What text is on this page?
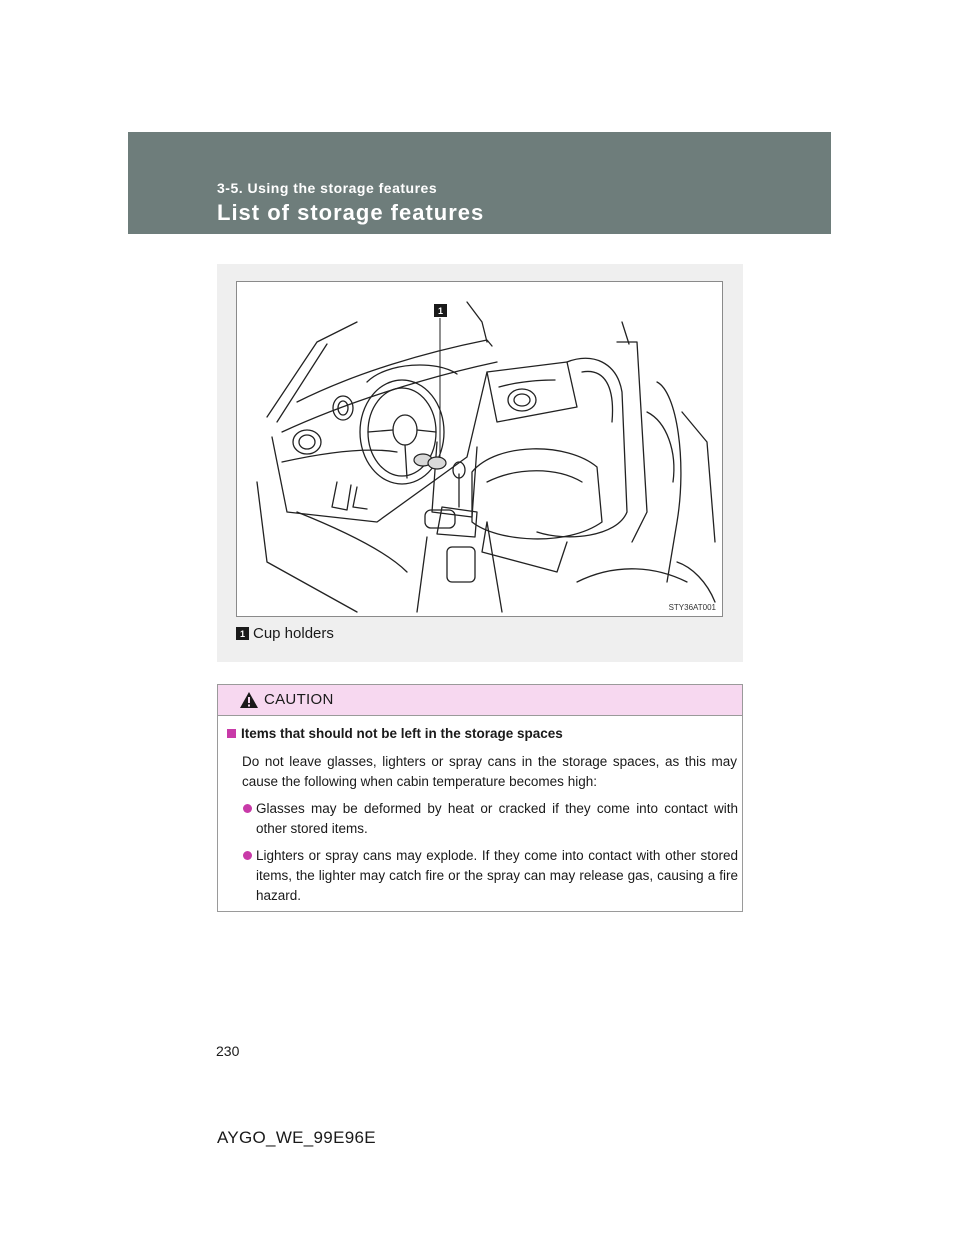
3-5. Using the storage features
List of storage features
1
STY36AT001
1 Cup holders
CAUTION
Items that should not be left in the storage spaces
Do not leave glasses, lighters or spray cans in the storage spaces, as this may cause the following when cabin temperature becomes high:
Glasses may be deformed by heat or cracked if they come into contact with other stored items.
Lighters or spray cans may explode. If they come into contact with other stored items, the lighter may catch fire or the spray can may release gas, causing a fire hazard.
230
AYGO_WE_99E96E
